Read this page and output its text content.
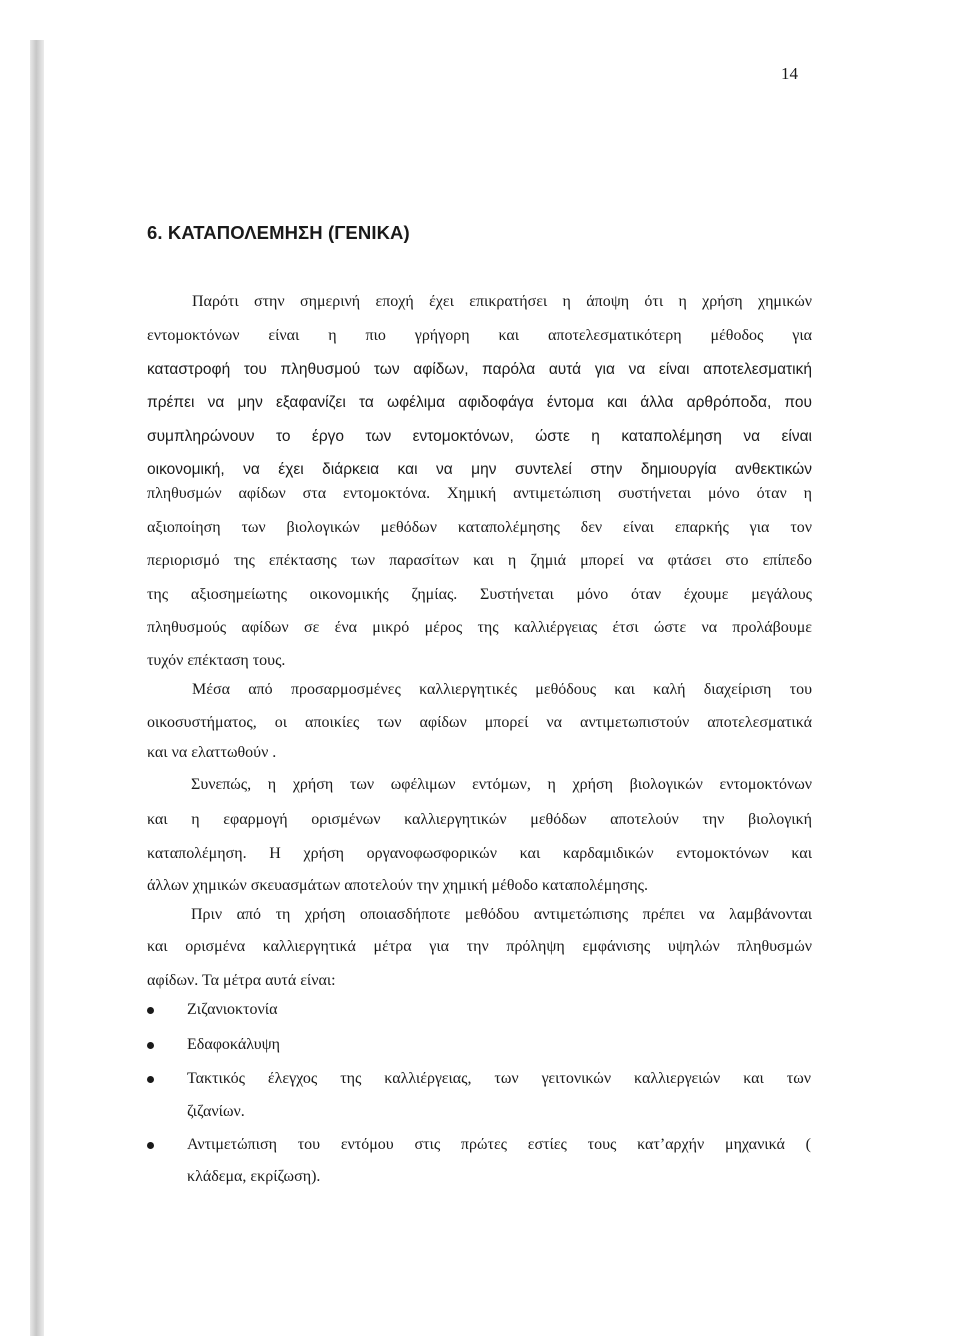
14
6. ΚΑΤΑΠΟΛΕΜΗΣΗ (ΓΕΝΙΚΑ)
Παρότι στην σημερινή εποχή έχει επικρατήσει η άποψη ότι η χρήση χημικών
εντομοκτόνων είναι η πιο γρήγορη και αποτελεσματικότερη μέθοδος για
καταστροφή του πληθυσμού των αφίδων, παρόλα αυτά για να είναι αποτελεσματική
πρέπει να μην εξαφανίζει τα ωφέλιμα αφιδοφάγα έντομα και άλλα αρθρόποδα, που
συμπληρώνουν το έργο των εντομοκτόνων, ώστε η καταπολέμηση να είναι
οικονομική, να έχει διάρκεια και να μην συντελεί στην δημιουργία ανθεκτικών
πληθυσμών αφίδων στα εντομοκτόνα. Χημική αντιμετώπιση συστήνεται μόνο όταν η
αξιοποίηση των βιολογικών μεθόδων καταπολέμησης δεν είναι επαρκής για τον
περιορισμό της επέκτασης των παρασίτων και η ζημιά μπορεί να φτάσει στο επίπεδο
της αξιοσημείωτης οικονομικής ζημίας. Συστήνεται μόνο όταν έχουμε μεγάλους
πληθυσμούς αφίδων σε ένα μικρό μέρος της καλλιέργειας έτσι ώστε να προλάβουμε
τυχόν επέκταση τους.
Μέσα από προσαρμοσμένες καλλιεργητικές μεθόδους και καλή διαχείριση του
οικοσυστήματος, οι αποικίες των αφίδων μπορεί να αντιμετωπιστούν αποτελεσματικά
και να ελαττωθούν .
Συνεπώς, η χρήση των ωφέλιμων εντόμων, η χρήση βιολογικών εντομοκτόνων
και η εφαρμογή ορισμένων καλλιεργητικών μεθόδων αποτελούν την βιολογική
καταπολέμηση. Η χρήση οργανοφωσφορικών και καρδαμιδικών εντομοκτόνων και
άλλων χημικών σκευασμάτων αποτελούν την χημική μέθοδο καταπολέμησης.
Πριν από τη χρήση οποιασδήποτε μεθόδου αντιμετώπισης πρέπει να λαμβάνονται
και ορισμένα καλλιεργητικά μέτρα για την πρόληψη εμφάνισης υψηλών πληθυσμών
αφίδων. Τα μέτρα αυτά είναι:
Ζιζανιοκτονία
Εδαφοκάλυψη
Τακτικός έλεγχος της καλλιέργειας, των γειτονικών καλλιεργειών και των
ζιζανίων.
Αντιμετώπιση του εντόμου στις πρώτες εστίες τους κατ’αρχήν μηχανικά (
κλάδεμα, εκρίζωση).
